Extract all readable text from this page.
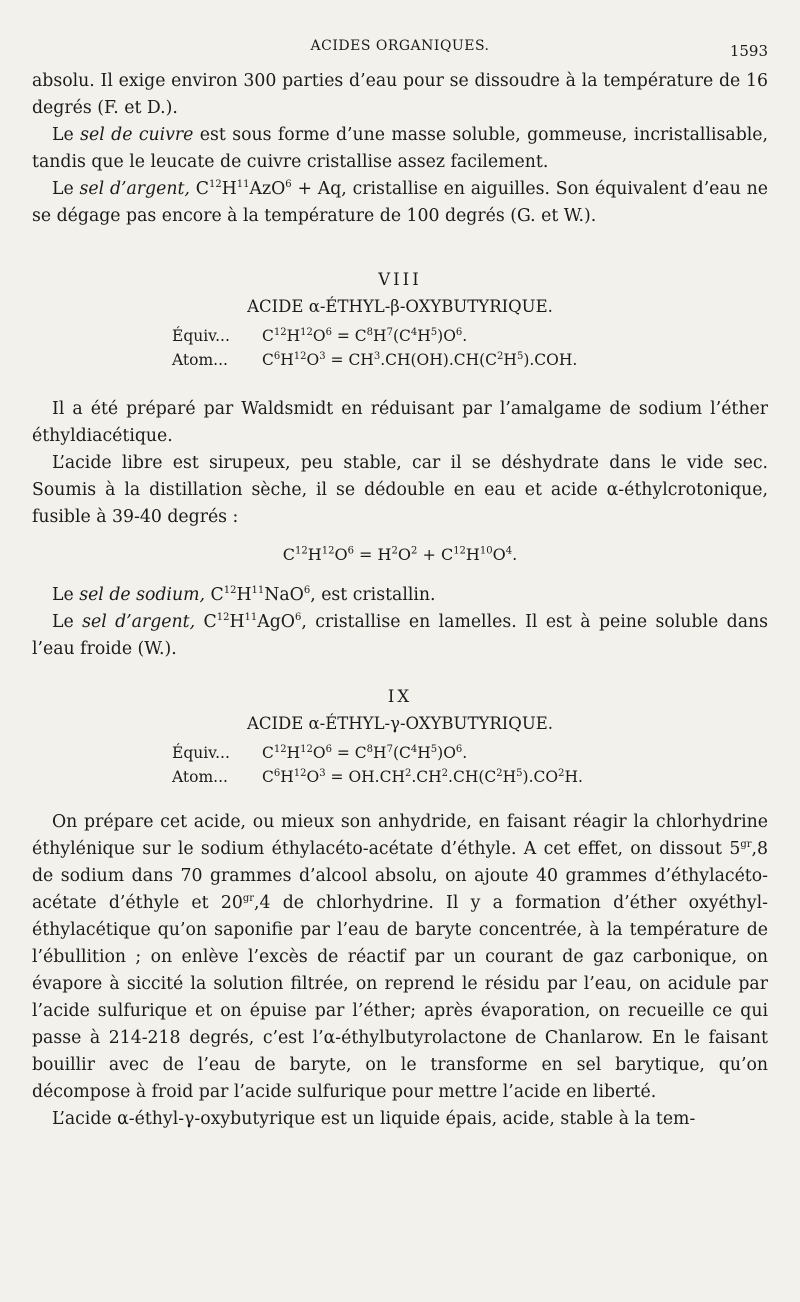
ACIDES ORGANIQUES.	1593

absolu. Il exige environ 300 parties d’eau pour se dissoudre à la température de 16 degrés (F. et D.).

Le sel de cuivre est sous forme d’une masse soluble, gommeuse, incristallisable, tandis que le leucate de cuivre cristallise assez facilement.

Le sel d’argent, $C^{12}H^{11}AzO^6 + Aq$, cristallise en aiguilles. Son équivalent d’eau ne se dégage pas encore à la température de 100 degrés (G. et W.).

VIII
ACIDE α-ÉTHYL-β-OXYBUTYRIQUE.
Équiv... $C^{12}H^{12}O^6 = C^8H^7(C^4H^5)O^6$.
Atom... $C^6H^{12}O^3 = CH^3.CH(OH).CH(C^2H^5).COH$.

Il a été préparé par Waldsmidt en réduisant par l’amalgame de sodium l’éther éthyldiacétique.

L’acide libre est sirupeux, peu stable, car il se déshydrate dans le vide sec. Soumis à la distillation sèche, il se dédouble en eau et acide α-éthylcrotonique, fusible à 39-40 degrés :

$C^{12}H^{12}O^6 = H^2O^2 + C^{12}H^{10}O^4$.

Le sel de sodium, $C^{12}H^{11}NaO^6$, est cristallin.

Le sel d’argent, $C^{12}H^{11}AgO^6$, cristallise en lamelles. Il est à peine soluble dans l’eau froide (W.).

IX
ACIDE α-ÉTHYL-γ-OXYBUTYRIQUE.
Équiv... $C^{12}H^{12}O^6 = C^8H^7(C^4H^5)O^6$.
Atom... $C^6H^{12}O^3 = OH.CH^2.CH^2.CH(C^2H^5).CO^2H$.

On prépare cet acide, ou mieux son anhydride, en faisant réagir la chlorhydrine éthylénique sur le sodium éthylacéto-acétate d’éthyle. A cet effet, on dissout $5^{gr},8$ de sodium dans 70 grammes d’alcool absolu, on ajoute 40 grammes d’éthylacéto-acétate d’éthyle et $20^{gr},4$ de chlorhydrine. Il y a formation d’éther oxyéthyl-éthylacétique qu’on saponifie par l’eau de baryte concentrée, à la température de l’ébullition ; on enlève l’excès de réactif par un courant de gaz carbonique, on évapore à siccité la solution filtrée, on reprend le résidu par l’eau, on acidule par l’acide sulfurique et on épuise par l’éther; après évaporation, on recueille ce qui passe à 214-218 degrés, c’est l’α-éthylbutyrolactone de Chanlarow. En le faisant bouillir avec de l’eau de baryte, on le transforme en sel barytique, qu’on décompose à froid par l’acide sulfurique pour mettre l’acide en liberté.

L’acide α-éthyl-γ-oxybutyrique est un liquide épais, acide, stable à la tem-
